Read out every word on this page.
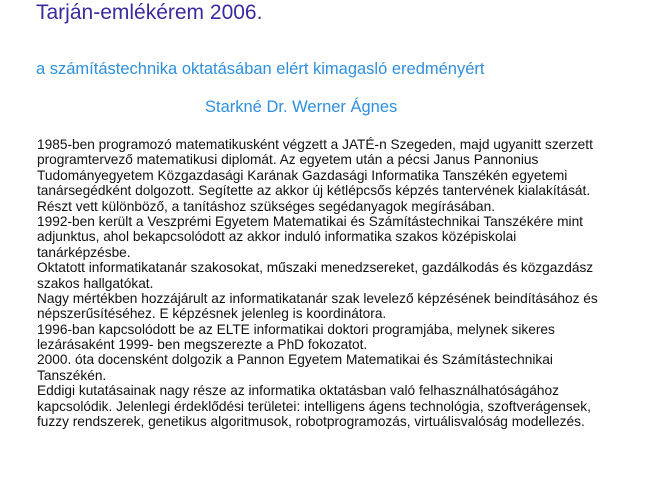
Tarján-emlékérem 2006.
a számítástechnika oktatásában elért kimagasló eredményért
Starkné Dr. Werner Ágnes
1985-ben programozó matematikusként végzett a JATÉ-n Szegeden, majd ugyanitt szerzett
programtervező matematikusi diplomát. Az egyetem után a pécsi Janus Pannonius
Tudományegyetem Közgazdasági Karának Gazdasági Informatika Tanszékén egyetemi
tanársegédként dolgozott. Segítette az akkor új kétlépcsős képzés tantervének kialakítását.
Részt vett különböző, a tanításhoz szükséges segédanyagok megírásában.
1992-ben került a Veszprémi Egyetem Matematikai és Számítástechnikai Tanszékére mint
adjunktus, ahol bekapcsolódott az akkor induló informatika szakos középiskolai
tanárképzésbe.
Oktatott informatikatanár szakosokat, műszaki menedzsereket, gazdálkodás és közgazdász
szakos hallgatókat.
Nagy mértékben hozzájárult az informatikatanár szak levelező képzésének beindításához és
népszerűsítéséhez. E képzésnek jelenleg is koordinátora.
1996-ban kapcsolódott be az ELTE informatikai doktori programjába, melynek sikeres
lezárásaként 1999- ben megszerezte a PhD fokozatot.
2000. óta docensként dolgozik a Pannon Egyetem Matematikai és Számítástechnikai
Tanszékén.
Eddigi kutatásainak nagy része az informatika oktatásban való felhasználhatóságához
kapcsolódik. Jelenlegi érdeklődési területei: intelligens ágens technológia, szoftverágensek,
fuzzy rendszerek, genetikus algoritmusok, robotprogramozás, virtuálisvalóság modellezés.
